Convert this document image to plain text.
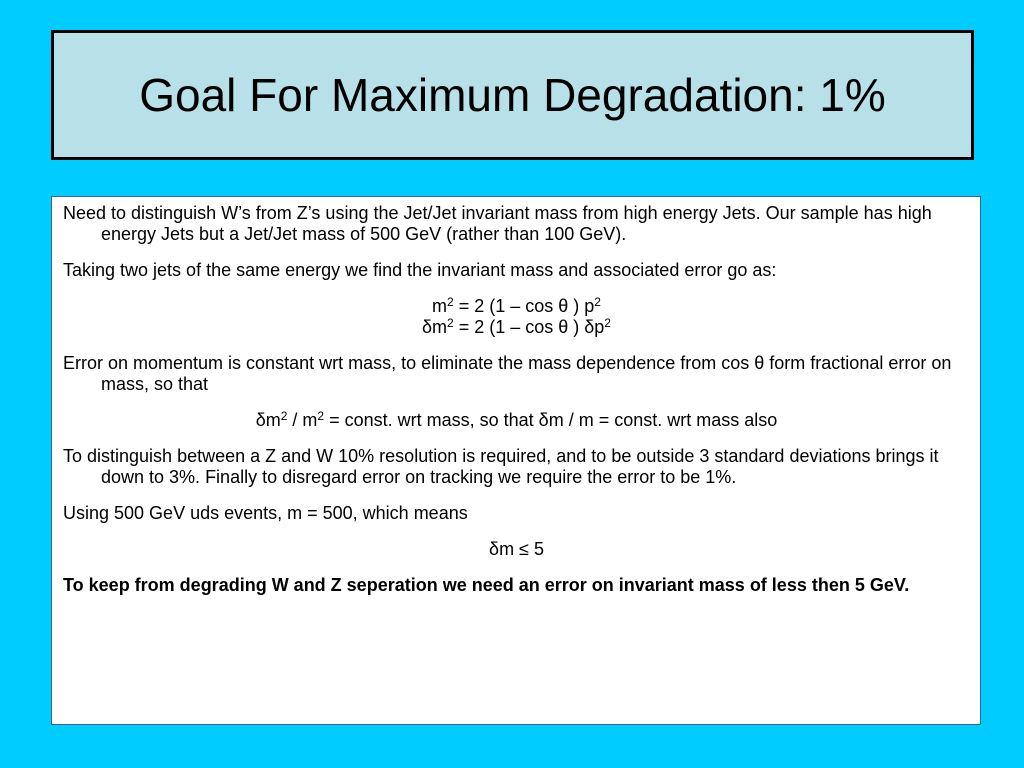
Goal For Maximum Degradation: 1%

Need to distinguish W’s from Z’s using the Jet/Jet invariant mass from high energy Jets. Our sample has high energy Jets but a Jet/Jet mass of 500 GeV (rather than 100 GeV).

Taking two jets of the same energy we find the invariant mass and associated error go as:

$m^2 = 2$ (1 – cos θ ) $p^2$

$\delta m^2 = 2$ (1 – cos θ ) $\delta p^2$

Error on momentum is constant wrt mass, to eliminate the mass dependence from cos θ form fractional error on mass, so that

$\delta m^2 / m^2$ = const. wrt mass, so that δm / m = const. wrt mass also

To distinguish between a Z and W 10% resolution is required, and to be outside 3 standard deviations brings it down to 3%. Finally to disregard error on tracking we require the error to be 1%.

Using 500 GeV uds events, m = 500, which means

δm ≤ 5

To keep from degrading W and Z seperation we need an error on invariant mass of less then 5 GeV.
